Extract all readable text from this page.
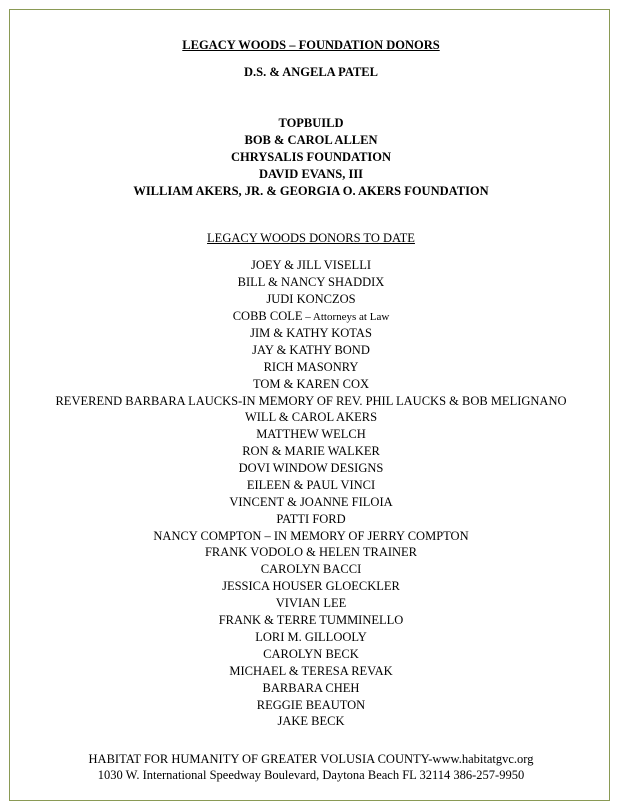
LEGACY WOODS – FOUNDATION DONORS
D.S. & ANGELA PATEL
TOPBUILD
BOB & CAROL ALLEN
CHRYSALIS FOUNDATION
DAVID EVANS, III
WILLIAM AKERS, JR. & GEORGIA O. AKERS FOUNDATION
LEGACY WOODS DONORS TO DATE
JOEY & JILL VISELLI
BILL & NANCY SHADDIX
JUDI KONCZOS
COBB COLE – Attorneys at Law
JIM & KATHY KOTAS
JAY & KATHY BOND
RICH MASONRY
TOM & KAREN COX
REVEREND BARBARA LAUCKS-IN MEMORY OF REV. PHIL LAUCKS & BOB MELIGNANO
WILL & CAROL AKERS
MATTHEW WELCH
RON & MARIE WALKER
DOVI WINDOW DESIGNS
EILEEN & PAUL VINCI
VINCENT & JOANNE FILOIA
PATTI FORD
NANCY COMPTON – IN MEMORY OF JERRY COMPTON
FRANK VODOLO & HELEN TRAINER
CAROLYN BACCI
JESSICA HOUSER GLOECKLER
VIVIAN LEE
FRANK & TERRE TUMMINELLO
LORI M. GILLOOLY
CAROLYN BECK
MICHAEL & TERESA REVAK
BARBARA CHEH
REGGIE BEAUTON
JAKE BECK
HABITAT FOR HUMANITY OF GREATER VOLUSIA COUNTY-www.habitatgvc.org
1030 W. International Speedway Boulevard, Daytona Beach FL 32114 386-257-9950
